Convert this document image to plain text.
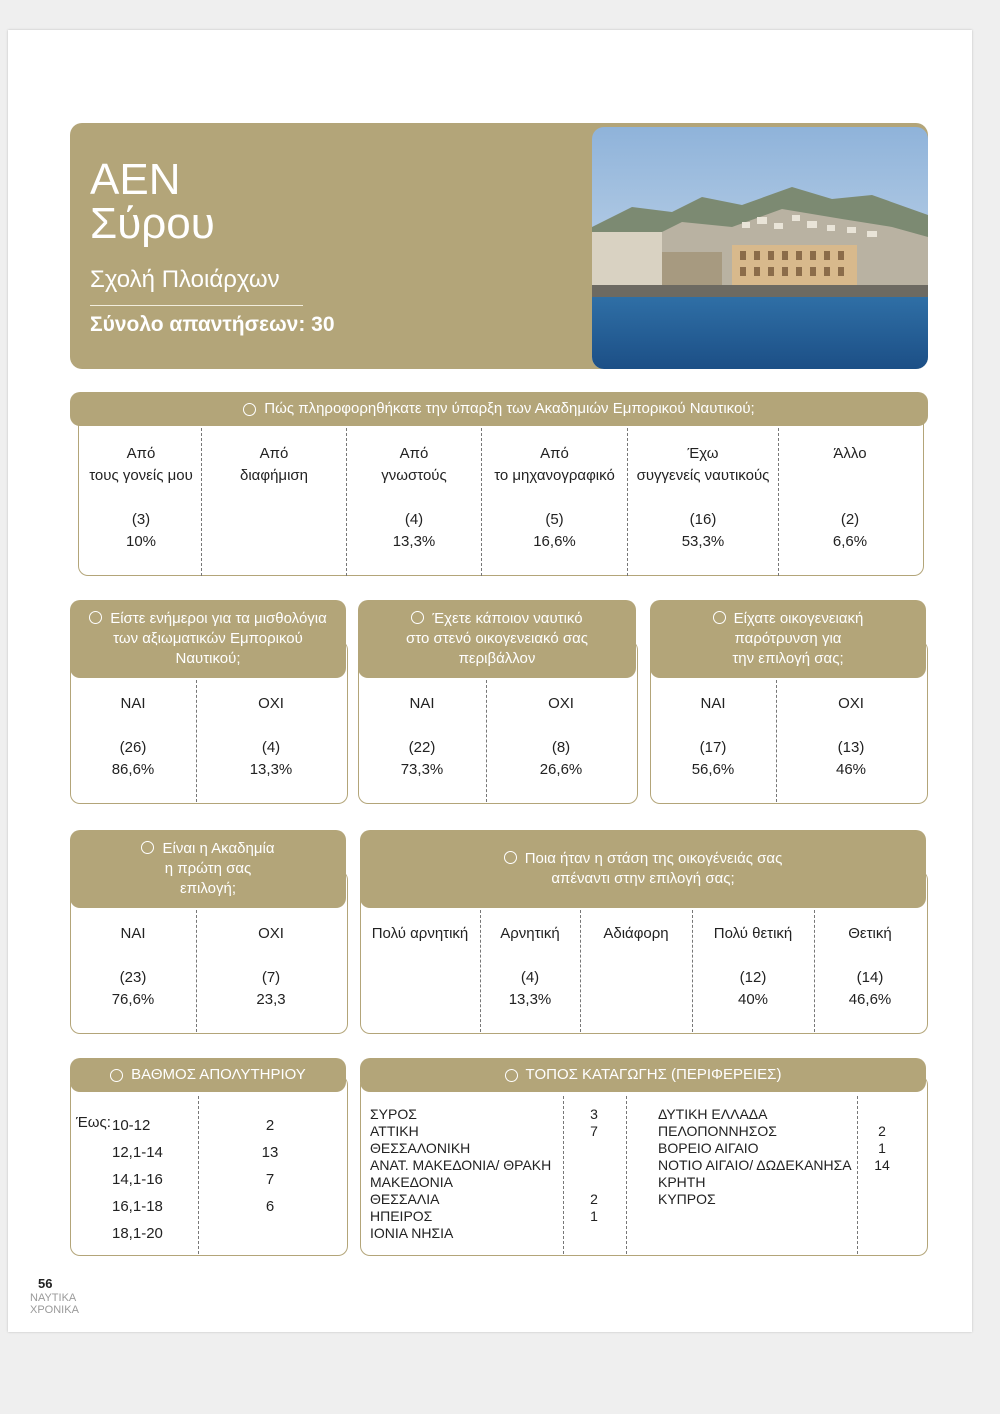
ΑΕΝ
Σύρου
Σχολή Πλοιάρχων
Σύνολο απαντήσεων: 30
Πώς πληροφορηθήκατε την ύπαρξη των Ακαδημιών Εμπορικού Ναυτικού;
Από
τους γονείς μου
(3)
10%
Από
διαφήμιση
Από
γνωστούς
(4)
13,3%
Από
το μηχανογραφικό
(5)
16,6%
Έχω
συγγενείς ναυτικούς
(16)
53,3%
Άλλο
(2)
6,6%
Είστε ενήμεροι για τα μισθολόγια
των αξιωματικών Εμπορικού
Ναυτικού;
ΝΑΙ
(26)
86,6%
ΟΧΙ
(4)
13,3%
Έχετε κάποιον ναυτικό
στο στενό οικογενειακό σας
περιβάλλον
ΝΑΙ
(22)
73,3%
ΟΧΙ
(8)
26,6%
Είχατε οικογενειακή
παρότρυνση για
την επιλογή σας;
ΝΑΙ
(17)
56,6%
ΟΧΙ
(13)
46%
Είναι η Ακαδημία
η πρώτη σας
επιλογή;
ΝΑΙ
(23)
76,6%
ΟΧΙ
(7)
23,3
Ποια ήταν η στάση της οικογένειάς σας
απέναντι στην επιλογή σας;
Πολύ αρνητική	Αρνητική
(4)
13,3%
Αδιάφορη	Πολύ θετική
(12)
40%
Θετική
(14)
46,6%
ΒΑΘΜΟΣ ΑΠΟΛΥΤΗΡΙΟΥ
Έως: 10-12
12,1-14
14,1-16
16,1-18
18,1-20
2
13
7
6
ΤΟΠΟΣ ΚΑΤΑΓΩΓΗΣ (ΠΕΡΙΦΕΡΕΙΕΣ)
ΣΥΡΟΣ
ΑΤΤΙΚΗ
ΘΕΣΣΑΛΟΝΙΚΗ
ΑΝΑΤ. ΜΑΚΕΔΟΝΙΑ/ ΘΡΑΚΗ
ΜΑΚΕΔΟΝΙΑ
ΘΕΣΣΑΛΙΑ
ΗΠΕΙΡΟΣ
ΙΟΝΙΑ ΝΗΣΙΑ
3
7
2
1
ΔΥΤΙΚΗ ΕΛΛΑΔΑ
ΠΕΛΟΠΟΝΝΗΣΟΣ
ΒΟΡΕΙΟ ΑΙΓΑΙΟ
ΝΟΤΙΟ ΑΙΓΑΙΟ/ ΔΩΔΕΚΑΝΗΣΑ
ΚΡΗΤΗ
ΚΥΠΡΟΣ
2
1
14
56
ΝΑΥΤΙΚΑ
ΧΡΟΝΙΚΑ
